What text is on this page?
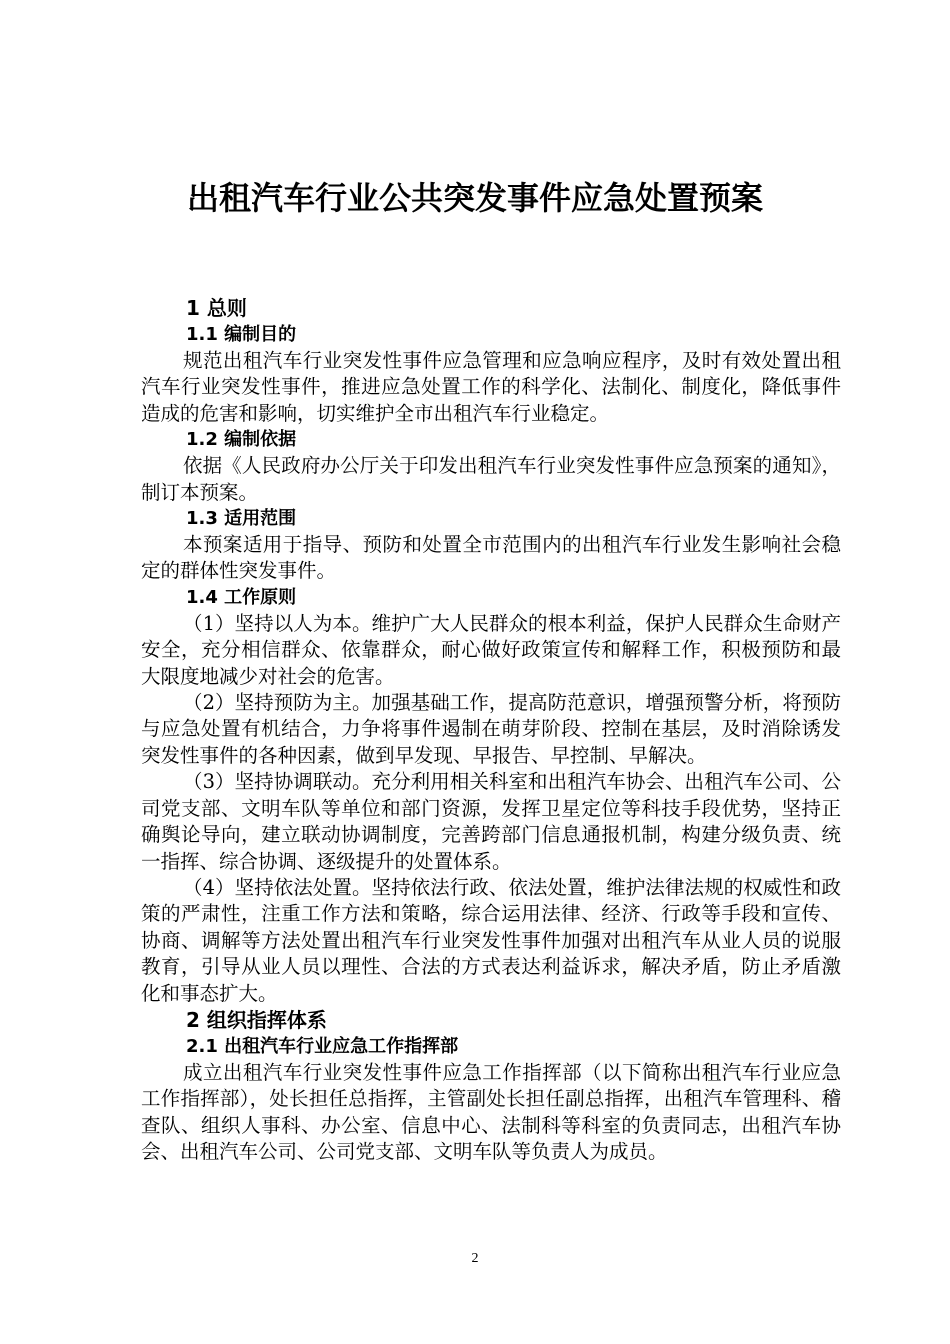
出租汽车行业公共突发事件应急处置预案
1 总则
1.1 编制目的

规范出租汽车行业突发性事件应急管理和应急响应程序，及时有效处置出租汽车行业突发性事件，推进应急处置工作的科学化、法制化、制度化，降低事件造成的危害和影响，切实维护全市出租汽车行业稳定。

1.2 编制依据

依据《人民政府办公厅关于印发出租汽车行业突发性事件应急预案的通知》，制订本预案。

1.3 适用范围

本预案适用于指导、预防和处置全市范围内的出租汽车行业发生影响社会稳定的群体性突发事件。

1.4 工作原则

（1）坚持以人为本。维护广大人民群众的根本利益，保护人民群众生命财产安全，充分相信群众、依靠群众，耐心做好政策宣传和解释工作，积极预防和最大限度地减少对社会的危害。

（2）坚持预防为主。加强基础工作，提高防范意识，增强预警分析，将预防与应急处置有机结合，力争将事件遏制在萌芽阶段、控制在基层，及时消除诱发突发性事件的各种因素，做到早发现、早报告、早控制、早解决。

（3）坚持协调联动。充分利用相关科室和出租汽车协会、出租汽车公司、公司党支部、文明车队等单位和部门资源，发挥卫星定位等科技手段优势，坚持正确舆论导向，建立联动协调制度，完善跨部门信息通报机制，构建分级负责、统一指挥、综合协调、逐级提升的处置体系。

（4）坚持依法处置。坚持依法行政、依法处置，维护法律法规的权威性和政策的严肃性，注重工作方法和策略，综合运用法律、经济、行政等手段和宣传、协商、调解等方法处置出租汽车行业突发性事件加强对出租汽车从业人员的说服教育，引导从业人员以理性、合法的方式表达利益诉求，解决矛盾，防止矛盾激化和事态扩大。

2 组织指挥体系
2.1 出租汽车行业应急工作指挥部

成立出租汽车行业突发性事件应急工作指挥部（以下简称出租汽车行业应急工作指挥部），处长担任总指挥，主管副处长担任副总指挥，出租汽车管理科、稽查队、组织人事科、办公室、信息中心、法制科等科室的负责同志，出租汽车协会、出租汽车公司、公司党支部、文明车队等负责人为成员。

2
